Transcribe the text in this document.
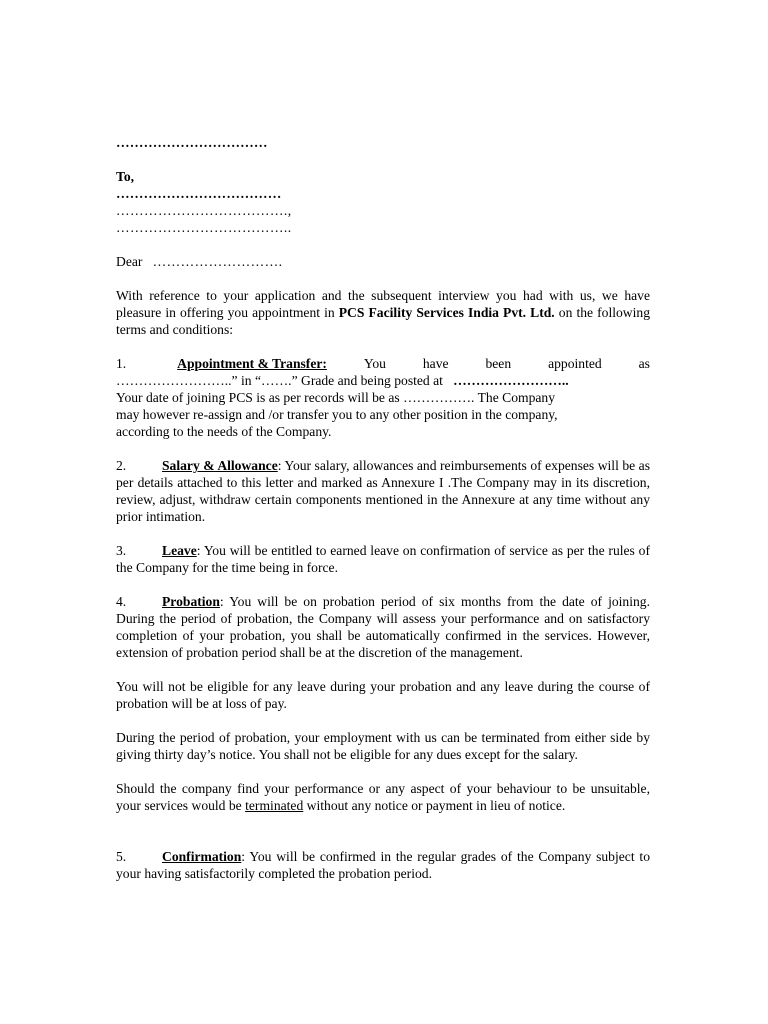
……………………………
To,
………………………………
……………………………….,
………………………………..
Dear ……………………….
With reference to your application and the subsequent interview you had with us, we have pleasure in offering you appointment in PCS Facility Services India Pvt. Ltd. on the following terms and conditions:
1.	Appointment & Transfer:	You	have	been	appointed	as
……………………..” in “…….” Grade and being posted at ……………………..
Your date of joining PCS is as per records will be as ……………. The Company
may however re-assign and /or transfer you to any other position in the company,
according to the needs of the Company.
2.	Salary & Allowance: Your salary, allowances and reimbursements of expenses will be as per details attached to this letter and marked as Annexure I .The Company may in its discretion, review, adjust, withdraw certain components mentioned in the Annexure at any time without any prior intimation.
3.	Leave: You will be entitled to earned leave on confirmation of service as per the rules of the Company for the time being in force.
4.	Probation: You will be on probation period of six months from the date of joining. During the period of probation, the Company will assess your performance and on satisfactory completion of your probation, you shall be automatically confirmed in the services. However, extension of probation period shall be at the discretion of the management.
You will not be eligible for any leave during your probation and any leave during the course of probation will be at loss of pay.
During the period of probation, your employment with us can be terminated from either side by giving thirty day’s notice. You shall not be eligible for any dues except for the salary.
Should the company find your performance or any aspect of your behaviour to be unsuitable, your services would be terminated without any notice or payment in lieu of notice.
5.	Confirmation: You will be confirmed in the regular grades of the Company subject to your having satisfactorily completed the probation period.
